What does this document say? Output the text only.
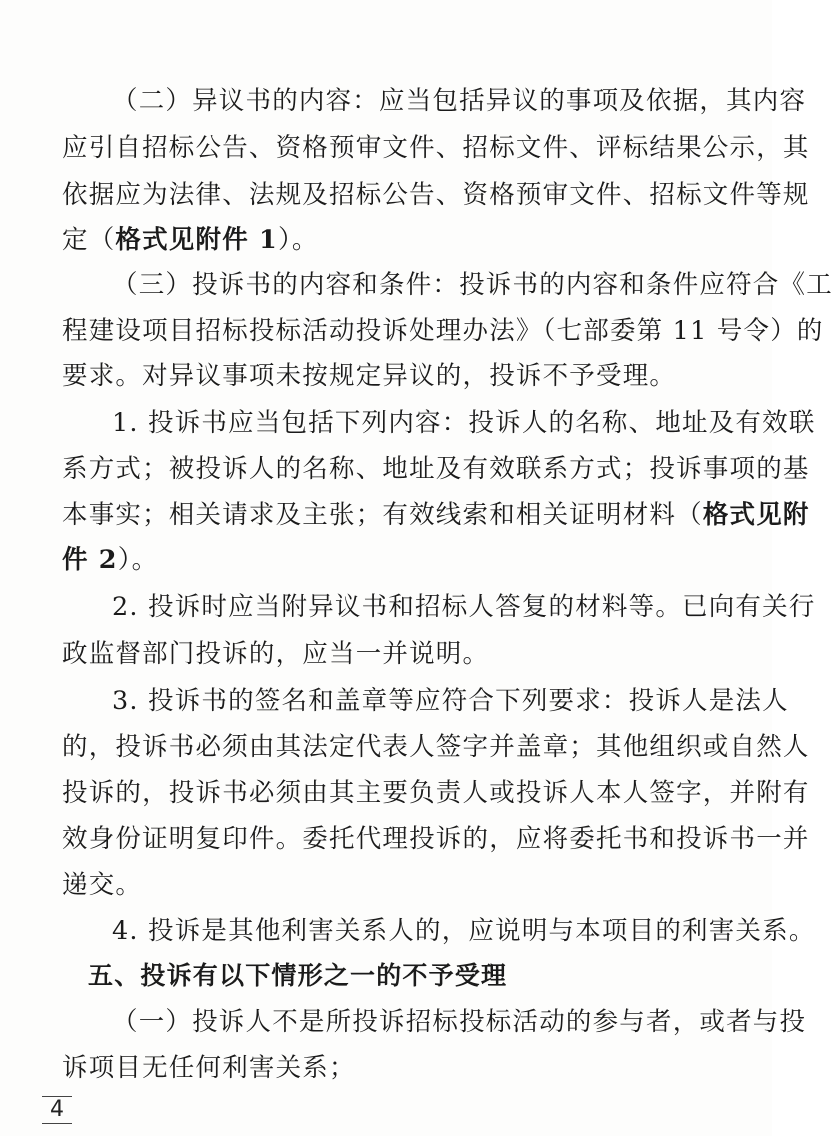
（二）异议书的内容：应当包括异议的事项及依据，其内容
应引自招标公告、资格预审文件、招标文件、评标结果公示，其
依据应为法律、法规及招标公告、资格预审文件、招标文件等规
定（格式见附件 1）。
（三）投诉书的内容和条件：投诉书的内容和条件应符合《工
程建设项目招标投标活动投诉处理办法》（七部委第 11 号令）的
要求。对异议事项未按规定异议的，投诉不予受理。
1. 投诉书应当包括下列内容：投诉人的名称、地址及有效联
系方式；被投诉人的名称、地址及有效联系方式；投诉事项的基
本事实；相关请求及主张；有效线索和相关证明材料（格式见附
件 2）。
2. 投诉时应当附异议书和招标人答复的材料等。已向有关行
政监督部门投诉的，应当一并说明。
3. 投诉书的签名和盖章等应符合下列要求：投诉人是法人
的，投诉书必须由其法定代表人签字并盖章；其他组织或自然人
投诉的，投诉书必须由其主要负责人或投诉人本人签字，并附有
效身份证明复印件。委托代理投诉的，应将委托书和投诉书一并
递交。
4. 投诉是其他利害关系人的，应说明与本项目的利害关系。
五、投诉有以下情形之一的不予受理
（一）投诉人不是所投诉招标投标活动的参与者，或者与投
诉项目无任何利害关系；
4
